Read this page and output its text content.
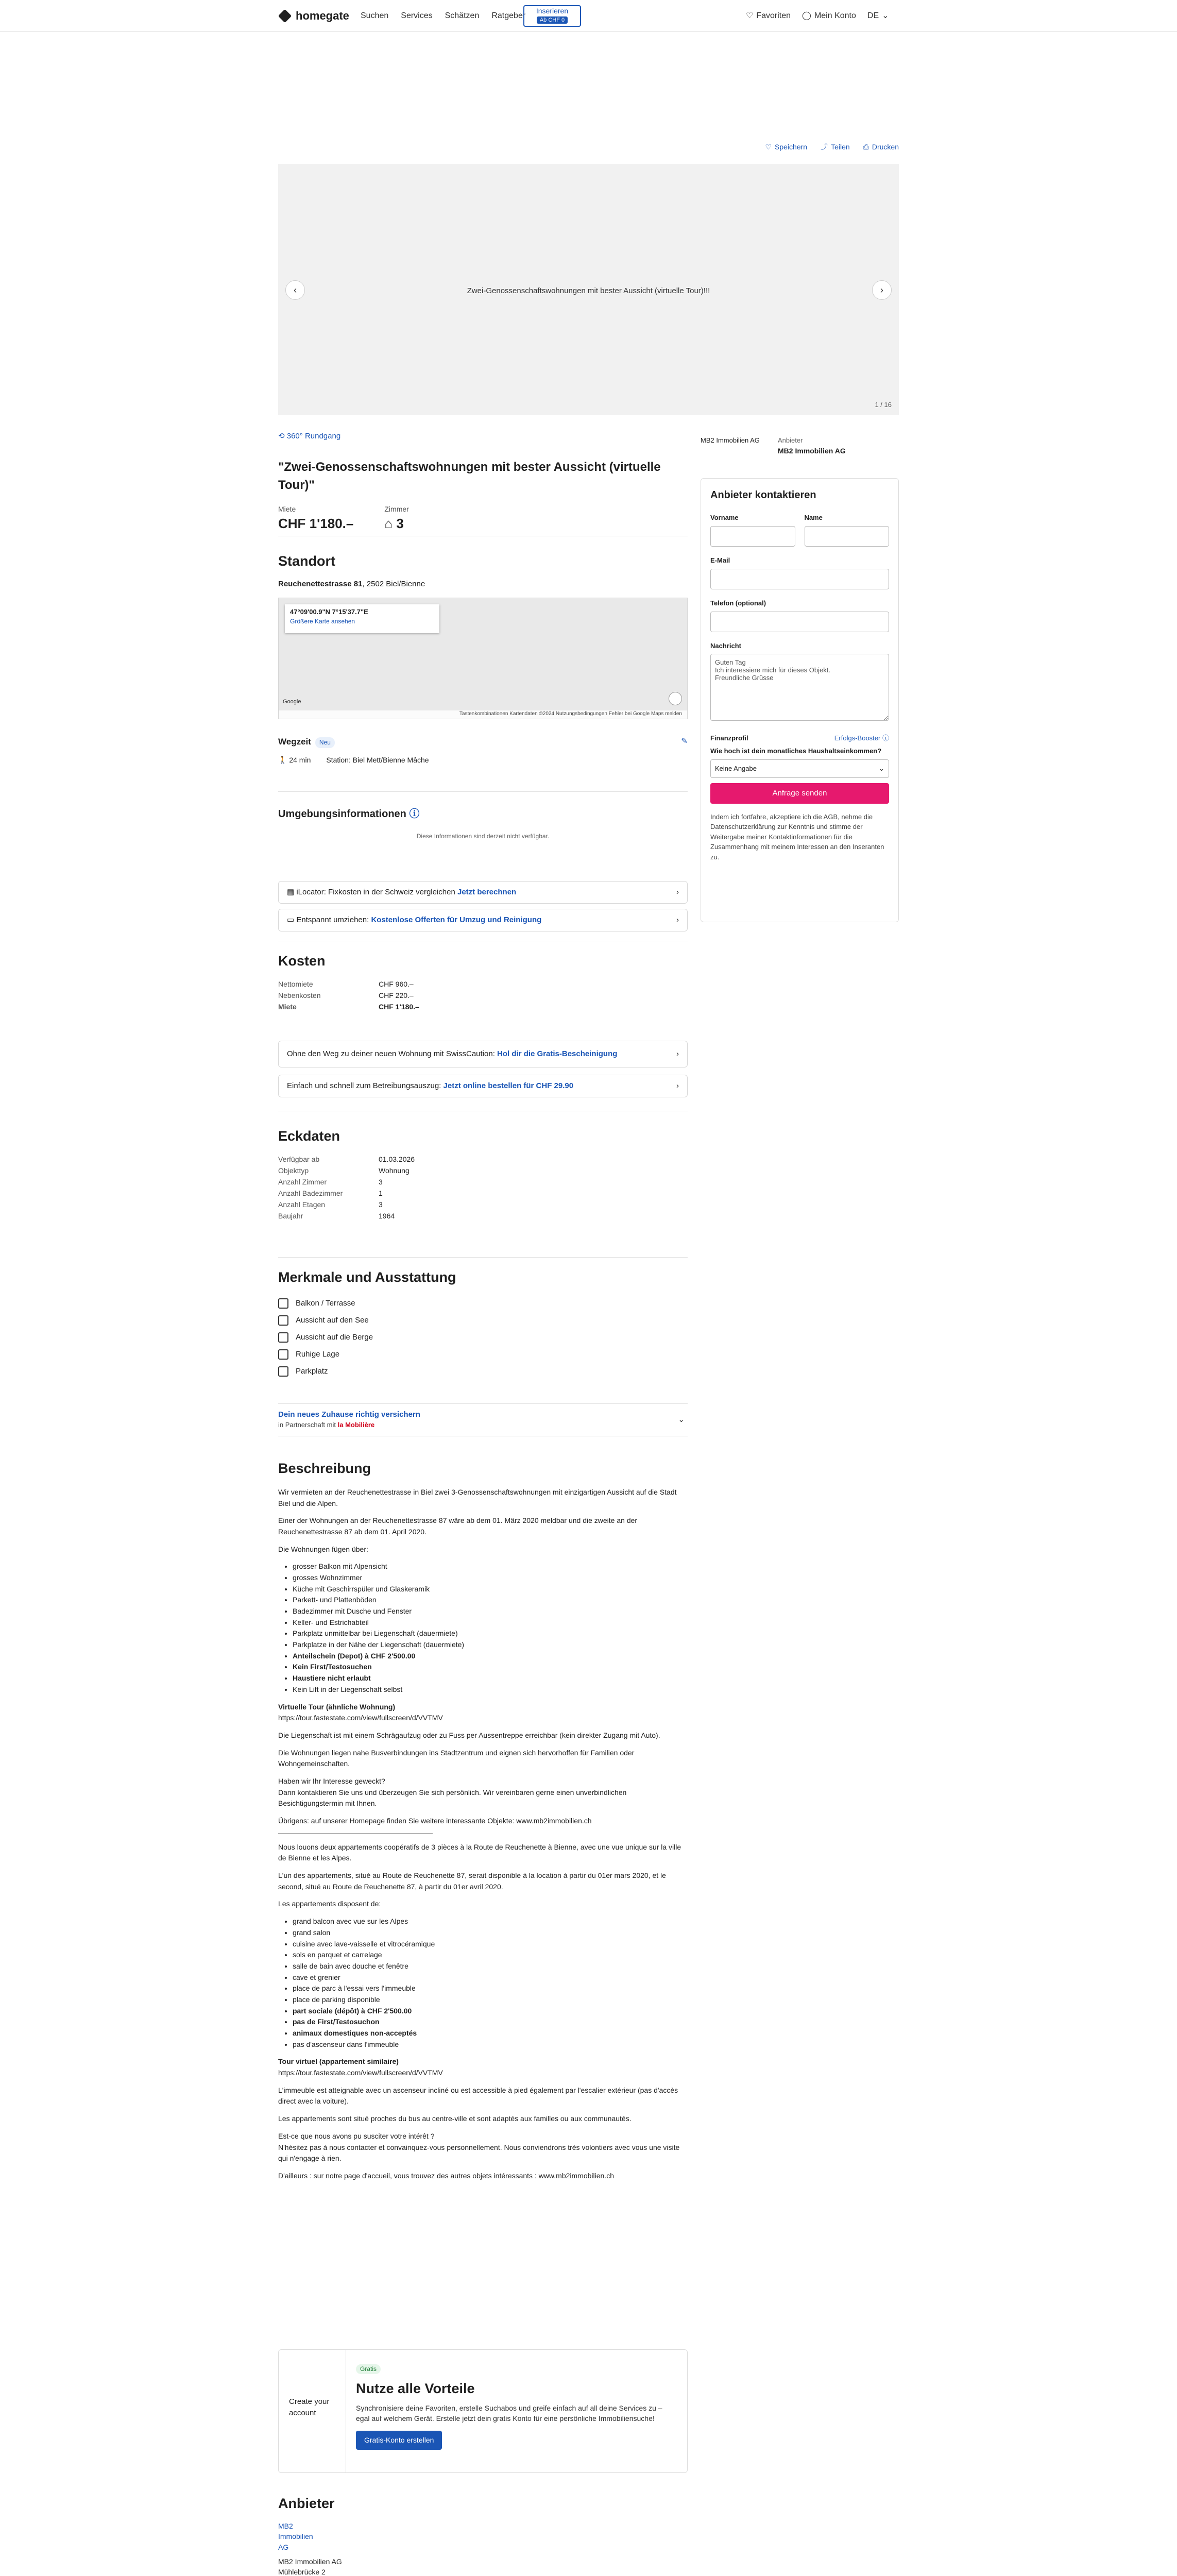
homegate Suchen Services Schätzen Ratgeber
Inserieren
Ab CHF 0
♡ Favoriten ◯ Mein Konto DE ⌄
♡ Speichern ⤴ Teilen ⎙ Drucken
Zwei-Genossenschaftswohnungen mit bester Aussicht (virtuelle Tour)!!!
‹	›
1 / 16
⟲ 360° Rundgang
"Zwei-Genossenschaftswohnungen mit bester Aussicht (virtuelle Tour)"
Miete
CHF 1'180.–
Zimmer
⌂ 3
Standort
Reuchenettestrasse 81, 2502 Biel/Bienne
47°09'00.9"N 7°15'37.7"E
Größere Karte ansehen
Google
Tastenkombinationen Kartendaten ©2024 Nutzungsbedingungen Fehler bei Google Maps melden
Wegzeit Neu	✎
🚶 24 min Station: Biel Mett/Bienne Mâche
Umgebungsinformationen ⓘ
Diese Informationen sind derzeit nicht verfügbar.
▦ iLocator: Fixkosten in der Schweiz vergleichen Jetzt berechnen	›
▭ Entspannt umziehen: Kostenlose Offerten für Umzug und Reinigung	›
Kosten
Nettomiete	CHF 960.–
Nebenkosten	CHF 220.–
Miete	CHF 1'180.–
Ohne den Weg zu deiner neuen Wohnung mit SwissCaution: Hol dir die Gratis-Bescheinigung	›
Einfach und schnell zum Betreibungsauszug: Jetzt online bestellen für CHF 29.90	›
Eckdaten
Verfügbar ab	01.03.2026
Objekttyp	Wohnung
Anzahl Zimmer	3
Anzahl Badezimmer	1
Anzahl Etagen	3
Baujahr	1964
Merkmale und Ausstattung
Balkon / Terrasse
Aussicht auf den See
Aussicht auf die Berge
Ruhige Lage
Parkplatz
Dein neues Zuhause richtig versichern
in Partnerschaft mit la Mobilière
⌄
Beschreibung

Wir vermieten an der Reuchenettestrasse in Biel zwei 3-Genossenschaftswohnungen mit einzigartigen Aussicht auf die Stadt Biel und die Alpen.

Einer der Wohnungen an der Reuchenettestrasse 87 wäre ab dem 01. März 2020 meldbar und die zweite an der Reuchenettestrasse 87 ab dem 01. April 2020.

Die Wohnungen fügen über:

• grosser Balkon mit Alpensicht
• grosses Wohnzimmer
• Küche mit Geschirrspüler und Glaskeramik
• Parkett- und Plattenböden
• Badezimmer mit Dusche und Fenster
• Keller- und Estrichabteil
• Parkplatz unmittelbar bei Liegenschaft (dauermiete)
• Parkplatze in der Nähe der Liegenschaft (dauermiete)
• Anteilschein (Depot) à CHF 2'500.00
• Kein First/Testosuchen
• Haustiere nicht erlaubt
• Kein Lift in der Liegenschaft selbst

Virtuelle Tour (ähnliche Wohnung)
https://tour.fastestate.com/view/fullscreen/d/VVTMV

Die Liegenschaft ist mit einem Schrägaufzug oder zu Fuss per Aussentreppe erreichbar (kein direkter Zugang mit Auto).

Die Wohnungen liegen nahe Busverbindungen ins Stadtzentrum und eignen sich hervorhoffen für Familien oder Wohngemeinschaften.

Haben wir Ihr Interesse geweckt?
Dann kontaktieren Sie uns und überzeugen Sie sich persönlich. Wir vereinbaren gerne einen unverbindlichen Besichtigungstermin mit Ihnen.

Übrigens: auf unserer Homepage finden Sie weitere interessante Objekte: www.mb2immobilien.ch

Nous louons deux appartements coopératifs de 3 pièces à la Route de Reuchenette à Bienne, avec une vue unique sur la ville de Bienne et les Alpes.

L'un des appartements, situé au Route de Reuchenette 87, serait disponible à la location à partir du 01er mars 2020, et le second, situé au Route de Reuchenette 87, à partir du 01er avril 2020.

Les appartements disposent de:

• grand balcon avec vue sur les Alpes
• grand salon
• cuisine avec lave-vaisselle et vitrocéramique
• sols en parquet et carrelage
• salle de bain avec douche et fenêtre
• cave et grenier
• place de parc à l'essai vers l'immeuble
• place de parking disponible
• part sociale (dépôt) à CHF 2'500.00
• pas de First/Testosuchon
• animaux domestiques non-acceptés
• pas d'ascenseur dans l'immeuble

Tour virtuel (appartement similaire)
https://tour.fastestate.com/view/fullscreen/d/VVTMV

L'immeuble est atteignable avec un ascenseur incliné ou est accessible à pied également par l'escalier extérieur (pas d'accès direct avec la voiture).

Les appartements sont situé proches du bus au centre-ville et sont adaptés aux familles ou aux communautés.

Est-ce que nous avons pu susciter votre intérêt ?
N'hésitez pas à nous contacter et convainquez-vous personnellement. Nous conviendrons très volontiers avec vous une visite qui n'engage à rien.

D'ailleurs : sur notre page d'accueil, vous trouvez des autres objets intéressants : www.mb2immobilien.ch

Create your account
Gratis
Nutze alle Vorteile
Synchronisiere deine Favoriten, erstelle Suchabos und greife einfach auf all deine Services zu – egal auf welchem Gerät. Erstelle jetzt dein gratis Konto für eine persönliche Immobiliensuche!
Gratis-Konto erstellen
Anbieter
MB2 Immobilien AG
MB2 Immobilien AG
Mühlebrücke 2

MB2 Immobilien AG	Anbieter
MB2 Immobilien AG
Anbieter kontaktieren
Vorname	Name
E-Mail
Telefon (optional)
Nachricht
Guten Tag Ich interessiere mich für dieses Objekt. Freundliche Grüsse
Finanzprofil	Erfolgs-Booster ⓘ
Wie hoch ist dein monatliches Haushaltseinkommen?
Keine Angabe	⌄
Anfrage senden
Indem ich fortfahre, akzeptiere ich die AGB, nehme die Datenschutzerklärung zur Kenntnis und stimme der Weitergabe meiner Kontaktinformationen für die Zusammenhang mit meinem Interessen an den Inseranten zu.
